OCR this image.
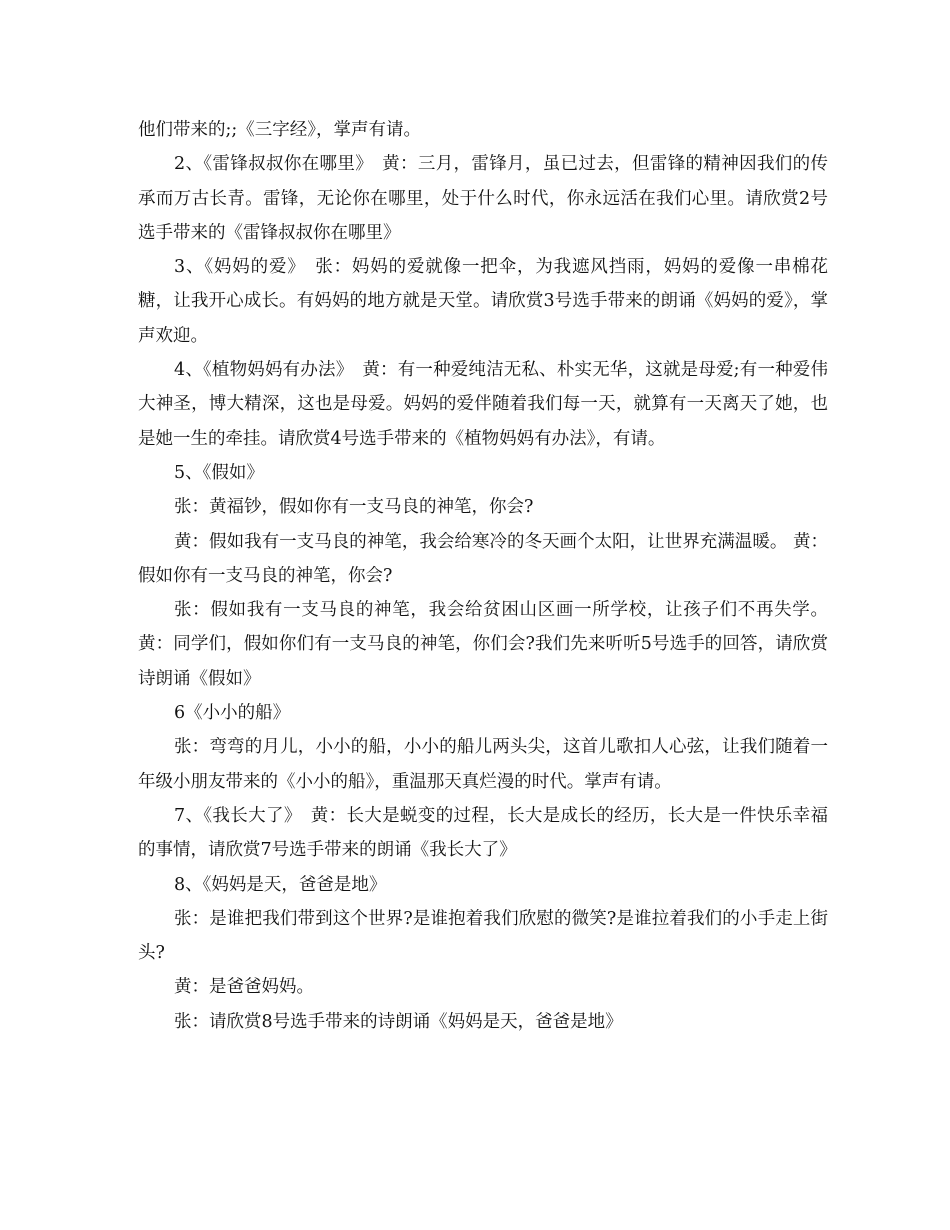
他们带来的;;《三字经》，掌声有请。

2、《雷锋叔叔你在哪里》　黄：三月，雷锋月，虽已过去，但雷锋的精神因我们的传承而万古长青。雷锋，无论你在哪里，处于什么时代，你永远活在我们心里。请欣赏2号选手带来的《雷锋叔叔你在哪里》

3、《妈妈的爱》　张：妈妈的爱就像一把伞，为我遮风挡雨，妈妈的爱像一串棉花糖，让我开心成长。有妈妈的地方就是天堂。请欣赏3号选手带来的朗诵《妈妈的爱》，掌声欢迎。

4、《植物妈妈有办法》　黄：有一种爱纯洁无私、朴实无华，这就是母爱;有一种爱伟大神圣，博大精深，这也是母爱。妈妈的爱伴随着我们每一天，就算有一天离天了她，也是她一生的牵挂。请欣赏4号选手带来的《植物妈妈有办法》，有请。

5、《假如》

张：黄福钞，假如你有一支马良的神笔，你会?

黄：假如我有一支马良的神笔，我会给寒冷的冬天画个太阳，让世界充满温暖。 黄：假如你有一支马良的神笔，你会?

张：假如我有一支马良的神笔，我会给贫困山区画一所学校，让孩子们不再失学。 黄：同学们，假如你们有一支马良的神笔，你们会?我们先来听听5号选手的回答，请欣赏诗朗诵《假如》

6《小小的船》

张：弯弯的月儿，小小的船，小小的船儿两头尖，这首儿歌扣人心弦，让我们随着一年级小朋友带来的《小小的船》，重温那天真烂漫的时代。掌声有请。

7、《我长大了》　黄：长大是蜕变的过程，长大是成长的经历，长大是一件快乐幸福的事情，请欣赏7号选手带来的朗诵《我长大了》

8、《妈妈是天，爸爸是地》

张：是谁把我们带到这个世界?是谁抱着我们欣慰的微笑?是谁拉着我们的小手走上街头?

黄：是爸爸妈妈。

张：请欣赏8号选手带来的诗朗诵《妈妈是天，爸爸是地》
